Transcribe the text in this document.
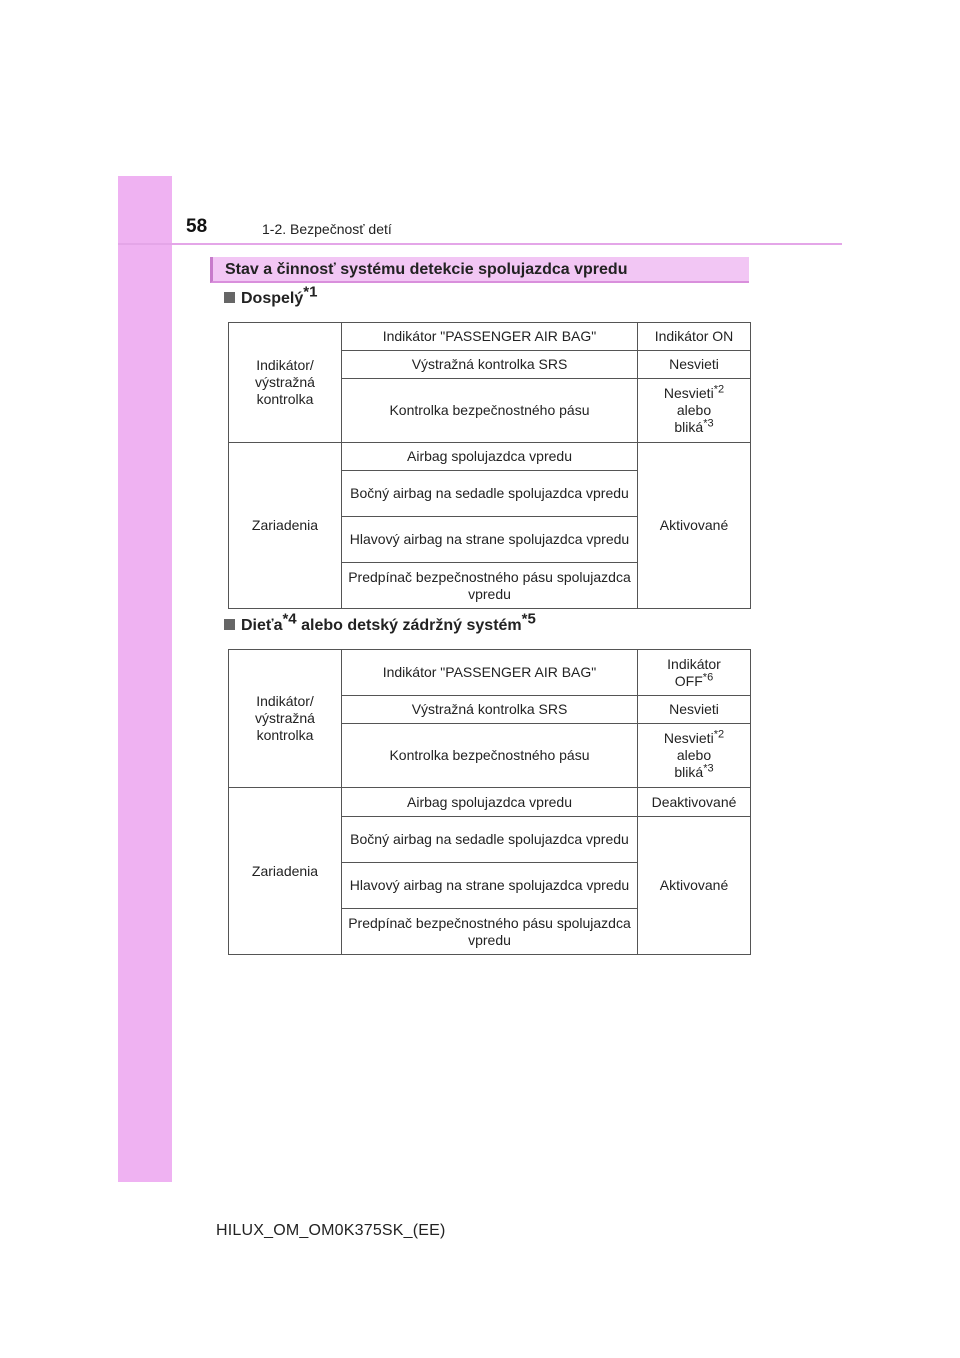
58	1-2. Bezpečnosť detí
Stav a činnosť systému detekcie spolujazdca vpredu
Dospelý$^{*1}$
Indikátor/ výstražná kontrolka	Indikátor "PASSENGER AIR BAG"	Indikátor ON
	Výstražná kontrolka SRS	Nesvieti
	Kontrolka bezpečnostného pásu	Nesvieti$^{*2}$
alebo
bliká$^{*3}$
Zariadenia	Airbag spolujazdca vpredu	Aktivované
	Bočný airbag na sedadle spolujazdca vpredu	
	Hlavový airbag na strane spolujazdca vpredu	
	Predpínač bezpečnostného pásu spolujazdca vpredu	
Dieťa$^{*4}$ alebo detský zádržný systém$^{*5}$
Indikátor/ výstražná kontrolka	Indikátor "PASSENGER AIR BAG"	Indikátor
OFF$^{*6}$
	Výstražná kontrolka SRS	Nesvieti
	Kontrolka bezpečnostného pásu	Nesvieti$^{*2}$
alebo
bliká$^{*3}$
Zariadenia	Airbag spolujazdca vpredu	Deaktivované
	Bočný airbag na sedadle spolujazdca vpredu	Aktivované
	Hlavový airbag na strane spolujazdca vpredu	
	Predpínač bezpečnostného pásu spolujazdca vpredu	
HILUX_OM_OM0K375SK_(EE)
